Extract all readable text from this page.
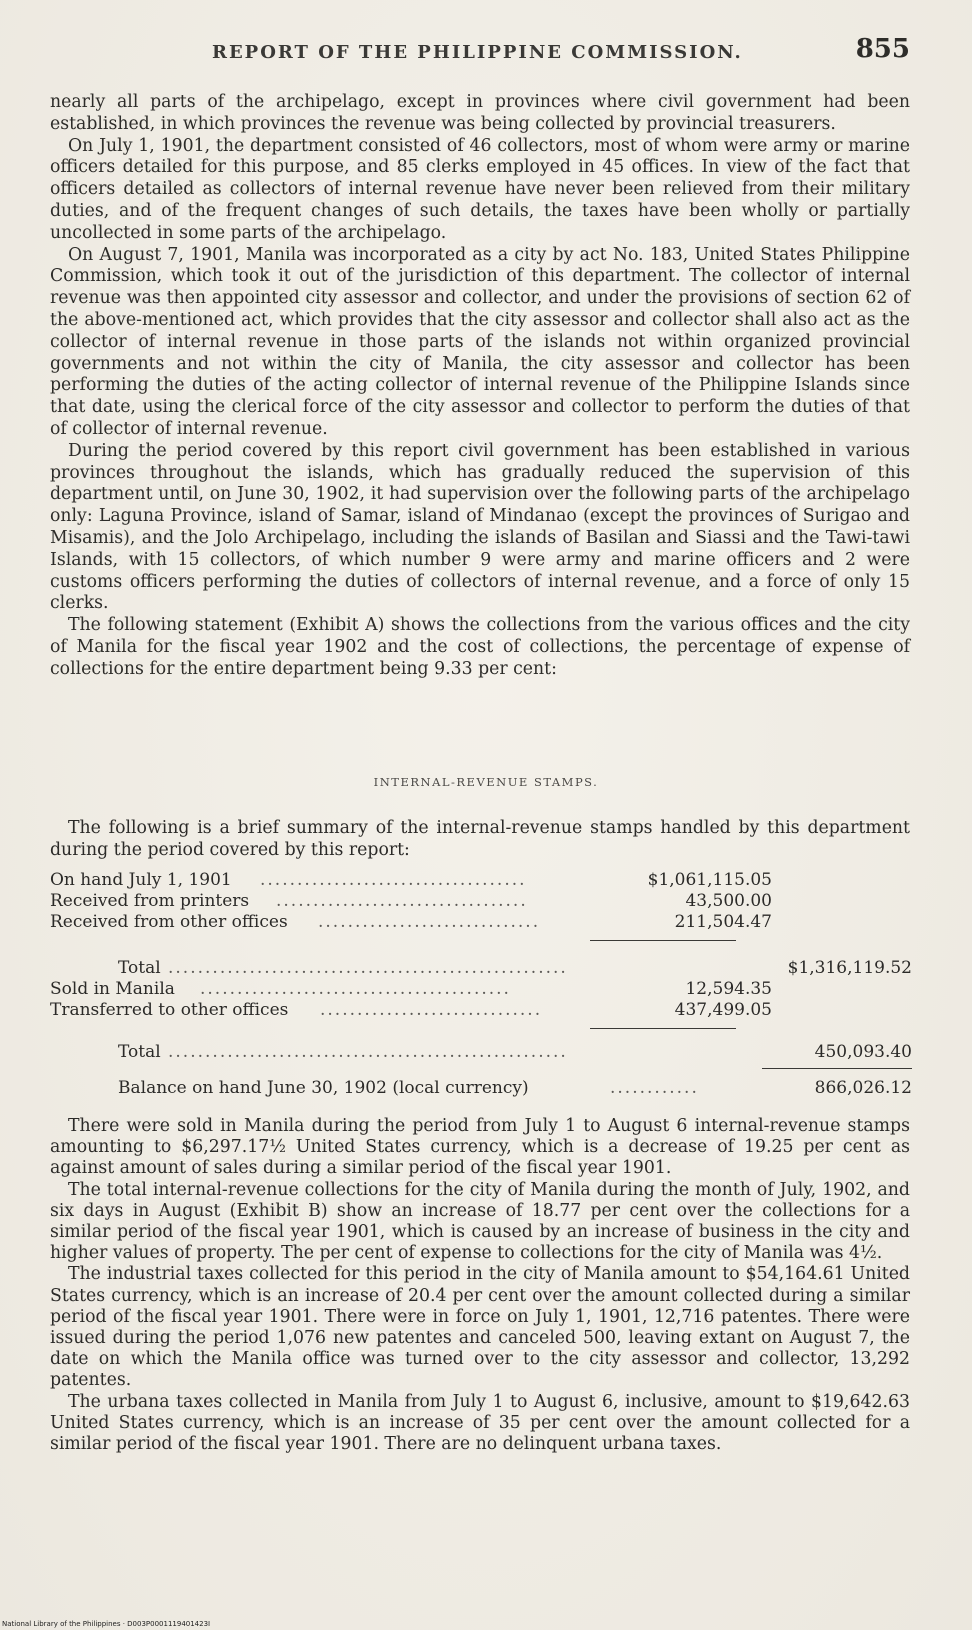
REPORT OF THE PHILIPPINE COMMISSION.	855

nearly all parts of the archipelago, except in provinces where civil government had been established, in which provinces the revenue was being collected by provincial treasurers.

On July 1, 1901, the department consisted of 46 collectors, most of whom were army or marine officers detailed for this purpose, and 85 clerks employed in 45 offices. In view of the fact that officers detailed as collectors of internal revenue have never been relieved from their military duties, and of the frequent changes of such details, the taxes have been wholly or partially uncollected in some parts of the archipelago.

On August 7, 1901, Manila was incorporated as a city by act No. 183, United States Philippine Commission, which took it out of the jurisdiction of this department. The collector of internal revenue was then appointed city assessor and collector, and under the provisions of section 62 of the above-mentioned act, which provides that the city assessor and collector shall also act as the collector of internal revenue in those parts of the islands not within organized provincial governments and not within the city of Manila, the city assessor and collector has been performing the duties of the acting collector of internal revenue of the Philippine Islands since that date, using the clerical force of the city assessor and collector to perform the duties of that of collector of internal revenue.

During the period covered by this report civil government has been established in various provinces throughout the islands, which has gradually reduced the supervision of this department until, on June 30, 1902, it had supervision over the following parts of the archipelago only: Laguna Province, island of Samar, island of Mindanao (except the provinces of Surigao and Misamis), and the Jolo Archipelago, including the islands of Basilan and Siassi and the Tawi-tawi Islands, with 15 collectors, of which number 9 were army and marine officers and 2 were customs officers performing the duties of collectors of internal revenue, and a force of only 15 clerks.

The following statement (Exhibit A) shows the collections from the various offices and the city of Manila for the fiscal year 1902 and the cost of collections, the percentage of expense of collections for the entire department being 9.33 per cent:

INTERNAL-REVENUE STAMPS.
The following is a brief summary of the internal-revenue stamps handled by this department during the period covered by this report:
On hand July 1, 1901 ....................................	$1,061,115.05
Received from printers ..................................	43,500.00
Received from other offices ..............................	211,504.47
Total ......................................................	$1,316,119.52
Sold in Manila ..........................................	12,594.35
Transferred to other offices ..............................	437,499.05
Total ......................................................	450,093.40
Balance on hand June 30, 1902 (local currency)	............	866,026.12

There were sold in Manila during the period from July 1 to August 6 internal-revenue stamps amounting to $6,297.17½ United States currency, which is a decrease of 19.25 per cent as against amount of sales during a similar period of the fiscal year 1901.

The total internal-revenue collections for the city of Manila during the month of July, 1902, and six days in August (Exhibit B) show an increase of 18.77 per cent over the collections for a similar period of the fiscal year 1901, which is caused by an increase of business in the city and higher values of property. The per cent of expense to collections for the city of Manila was 4½.

The industrial taxes collected for this period in the city of Manila amount to $54,164.61 United States currency, which is an increase of 20.4 per cent over the amount collected during a similar period of the fiscal year 1901. There were in force on July 1, 1901, 12,716 patentes. There were issued during the period 1,076 new patentes and canceled 500, leaving extant on August 7, the date on which the Manila office was turned over to the city assessor and collector, 13,292 patentes.

The urbana taxes collected in Manila from July 1 to August 6, inclusive, amount to $19,642.63 United States currency, which is an increase of 35 per cent over the amount collected for a similar period of the fiscal year 1901. There are no delinquent urbana taxes.

National Library of the Philippines · D003P0001119401423I
